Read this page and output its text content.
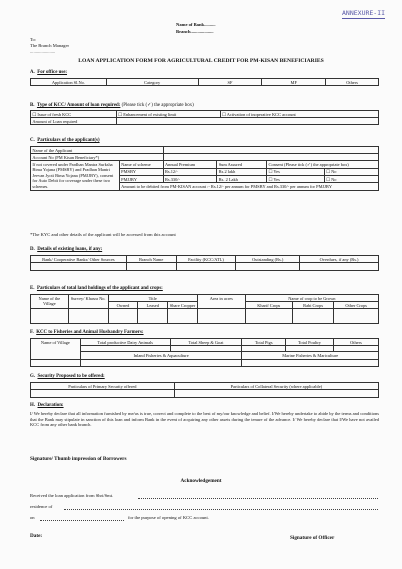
ANNEXURE-II
Name of Bank..........
Branch....................
To:
The Branch Manager
......................
LOAN APPLICATION FORM FOR AGRICULTURAL CREDIT FOR PM-KISAN BENEFICIARIES
A. For office use:
Application Sl.No.	Category	SF	MF	Others
B. Type of KCC/ Amount of loan required: (Please tick (✓) the appropriate box)
☐ Issue of fresh KCC	☐ Enhancement of existing limit	☐ Activation of inoperative KCC account
Amount of Loan required		
C. Particulars of the applicant(s)
Name of the Applicant					
Account No (PM Kisan Beneficiary*)					
If not covered under Pardhan Mantra Surksha Bima Yojana (PMSBY) and Pradhan Mantri Jeevan Jyoti Bima Yojana (PMJJBY), consent for Auto Debit for coverage under these two schemes.	Name of scheme	Annual Premium	Sum Assured	Consent (Please tick (✓) the appropriate box)	
	PMSBY	Rs.12/-	Rs.2 lakh	☐ Yes	☐ No
	PMJJBY	Rs.330/-	Rs. 2 Lakh	☐ Yes	☐ No
	Amount to be debited from PM-KISAN account :- Rs.12/- per annum for PMSBY and Rs.330/- per annum for PMJJBY				
*The KYC and other details of the applicant will be accessed from this account
D. Details of existing loans, if any:
Bank/ Cooperative Banks/ Other Sources	Branch Name	Facility (KCC/ATL)	Outstanding (Rs.)	Overdues, if any (Rs.)

E. Particulars of total land holdings of the applicant and crops:
Name of the Village	Survey/ Khasra No.	Title			Area in acres	Name of crop to be Grown		
		Owned	Leased	Share Cropper		Kharif Crops	Rabi Crops	Other Crops

F. KCC to Fisheries and Animal Husbandry Farmers:
Name of Village	Total productive Dairy Animals	Total Sheep & Goat	Total Pigs	Total Poultry	Others

	Inland Fisheries & Aquaculture		Marine Fisheries & Mariculture		

G. Security Proposed to be offered:
Particulars of Primary Security offered	Particulars of Collateral Security (where applicable)

H. Declaration:
I/ We hereby declare that all information furnished by me/us is true, correct and complete to the best of my/our knowledge and belief. I/We hereby undertake to abide by the terms and conditions that the Bank may stipulate in sanction of this loan and inform Bank in the event of acquiring any other assets during the tenure of the advance. I/ We hereby declare that I/We have not availed KCC from any other bank branch.
Signature/ Thumb impression of Borrowers
Acknowledgement
Received the loan application from Shri/Smt.
residence of
on	for the purpose of opening of KCC account.
Date:	Signature of Officer
